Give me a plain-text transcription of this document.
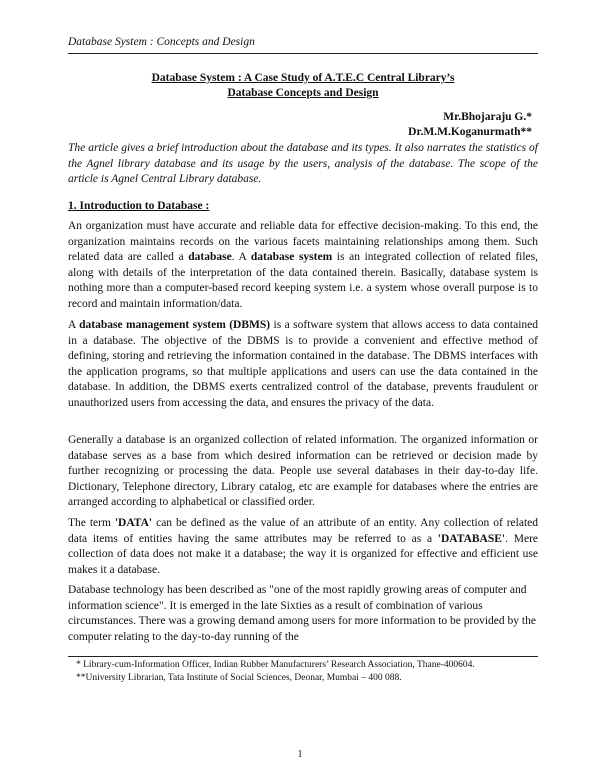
Database System : Concepts and Design
Database System : A Case Study of A.T.E.C Central Library’s
Database Concepts and Design
Mr.Bhojaraju G.*
Dr.M.M.Koganurmath**
The article gives a brief introduction about the database and its types. It also narrates the statistics of the Agnel library database and its usage by the users, analysis of the database. The scope of the article is Agnel Central Library database.
1. Introduction to Database :

An organization must have accurate and reliable data for effective decision-making. To this end, the organization maintains records on the various facets maintaining relationships among them. Such related data are called a database. A database system is an integrated collection of related files, along with details of the interpretation of the data contained therein. Basically, database system is nothing more than a computer-based record keeping system i.e. a system whose overall purpose is to record and maintain information/data.

A database management system (DBMS) is a software system that allows access to data contained in a database. The objective of the DBMS is to provide a convenient and effective method of defining, storing and retrieving the information contained in the database. The DBMS interfaces with the application programs, so that multiple applications and users can use the data contained in the database. In addition, the DBMS exerts centralized control of the database, prevents fraudulent or unauthorized users from accessing the data, and ensures the privacy of the data.

Generally a database is an organized collection of related information. The organized information or database serves as a base from which desired information can be retrieved or decision made by further recognizing or processing the data. People use several databases in their day-to-day life. Dictionary, Telephone directory, Library catalog, etc are example for databases where the entries are arranged according to alphabetical or classified order.

The term 'DATA' can be defined as the value of an attribute of an entity. Any collection of related data items of entities having the same attributes may be referred to as a 'DATABASE'. Mere collection of data does not make it a database; the way it is organized for effective and efficient use makes it a database.

Database technology has been described as "one of the most rapidly growing areas of computer and information science". It is emerged in the late Sixties as a result of combination of various circumstances. There was a growing demand among users for more information to be provided by the computer relating to the day-to-day running of the

* Library-cum-Information Officer, Indian Rubber Manufacturers’ Research Association, Thane-400604.
**University Librarian, Tata Institute of Social Sciences, Deonar, Mumbai – 400 088.
1
